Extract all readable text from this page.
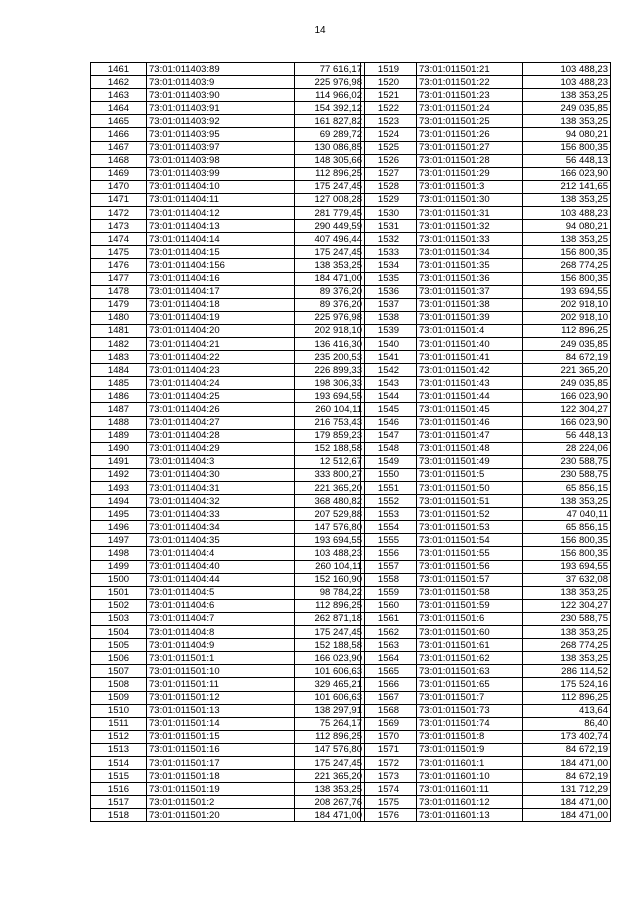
14
1461	73:01:011403:89	77 616,17
1462	73:01:011403:9	225 976,98
1463	73:01:011403:90	114 966,02
1464	73:01:011403:91	154 392,12
1465	73:01:011403:92	161 827,82
1466	73:01:011403:95	69 289,72
1467	73:01:011403:97	130 086,85
1468	73:01:011403:98	148 305,66
1469	73:01:011403:99	112 896,25
1470	73:01:011404:10	175 247,45
1471	73:01:011404:11	127 008,28
1472	73:01:011404:12	281 779,45
1473	73:01:011404:13	290 449,59
1474	73:01:011404:14	407 496,44
1475	73:01:011404:15	175 247,45
1476	73:01:011404:156	138 353,25
1477	73:01:011404:16	184 471,00
1478	73:01:011404:17	89 376,20
1479	73:01:011404:18	89 376,20
1480	73:01:011404:19	225 976,98
1481	73:01:011404:20	202 918,10
1482	73:01:011404:21	136 416,30
1483	73:01:011404:22	235 200,53
1484	73:01:011404:23	226 899,33
1485	73:01:011404:24	198 306,33
1486	73:01:011404:25	193 694,55
1487	73:01:011404:26	260 104,11
1488	73:01:011404:27	216 753,43
1489	73:01:011404:28	179 859,23
1490	73:01:011404:29	152 188,58
1491	73:01:011404:3	12 512,67
1492	73:01:011404:30	333 800,27
1493	73:01:011404:31	221 365,20
1494	73:01:011404:32	368 480,82
1495	73:01:011404:33	207 529,88
1496	73:01:011404:34	147 576,80
1497	73:01:011404:35	193 694,55
1498	73:01:011404:4	103 488,23
1499	73:01:011404:40	260 104,11
1500	73:01:011404:44	152 160,90
1501	73:01:011404:5	98 784,22
1502	73:01:011404:6	112 896,25
1503	73:01:011404:7	262 871,18
1504	73:01:011404:8	175 247,45
1505	73:01:011404:9	152 188,58
1506	73:01:011501:1	166 023,90
1507	73:01:011501:10	101 606,63
1508	73:01:011501:11	329 465,21
1509	73:01:011501:12	101 606,63
1510	73:01:011501:13	138 297,91
1511	73:01:011501:14	75 264,17
1512	73:01:011501:15	112 896,25
1513	73:01:011501:16	147 576,80
1514	73:01:011501:17	175 247,45
1515	73:01:011501:18	221 365,20
1516	73:01:011501:19	138 353,25
1517	73:01:011501:2	208 267,76
1518	73:01:011501:20	184 471,00
1519	73:01:011501:21	103 488,23
1520	73:01:011501:22	103 488,23
1521	73:01:011501:23	138 353,25
1522	73:01:011501:24	249 035,85
1523	73:01:011501:25	138 353,25
1524	73:01:011501:26	94 080,21
1525	73:01:011501:27	156 800,35
1526	73:01:011501:28	56 448,13
1527	73:01:011501:29	166 023,90
1528	73:01:011501:3	212 141,65
1529	73:01:011501:30	138 353,25
1530	73:01:011501:31	103 488,23
1531	73:01:011501:32	94 080,21
1532	73:01:011501:33	138 353,25
1533	73:01:011501:34	156 800,35
1534	73:01:011501:35	268 774,25
1535	73:01:011501:36	156 800,35
1536	73:01:011501:37	193 694,55
1537	73:01:011501:38	202 918,10
1538	73:01:011501:39	202 918,10
1539	73:01:011501:4	112 896,25
1540	73:01:011501:40	249 035,85
1541	73:01:011501:41	84 672,19
1542	73:01:011501:42	221 365,20
1543	73:01:011501:43	249 035,85
1544	73:01:011501:44	166 023,90
1545	73:01:011501:45	122 304,27
1546	73:01:011501:46	166 023,90
1547	73:01:011501:47	56 448,13
1548	73:01:011501:48	28 224,06
1549	73:01:011501:49	230 588,75
1550	73:01:011501:5	230 588,75
1551	73:01:011501:50	65 856,15
1552	73:01:011501:51	138 353,25
1553	73:01:011501:52	47 040,11
1554	73:01:011501:53	65 856,15
1555	73:01:011501:54	156 800,35
1556	73:01:011501:55	156 800,35
1557	73:01:011501:56	193 694,55
1558	73:01:011501:57	37 632,08
1559	73:01:011501:58	138 353,25
1560	73:01:011501:59	122 304,27
1561	73:01:011501:6	230 588,75
1562	73:01:011501:60	138 353,25
1563	73:01:011501:61	268 774,25
1564	73:01:011501:62	138 353,25
1565	73:01:011501:63	286 114,52
1566	73:01:011501:65	175 524,16
1567	73:01:011501:7	112 896,25
1568	73:01:011501:73	413,64
1569	73:01:011501:74	86,40
1570	73:01:011501:8	173 402,74
1571	73:01:011501:9	84 672,19
1572	73:01:011601:1	184 471,00
1573	73:01:011601:10	84 672,19
1574	73:01:011601:11	131 712,29
1575	73:01:011601:12	184 471,00
1576	73:01:011601:13	184 471,00
